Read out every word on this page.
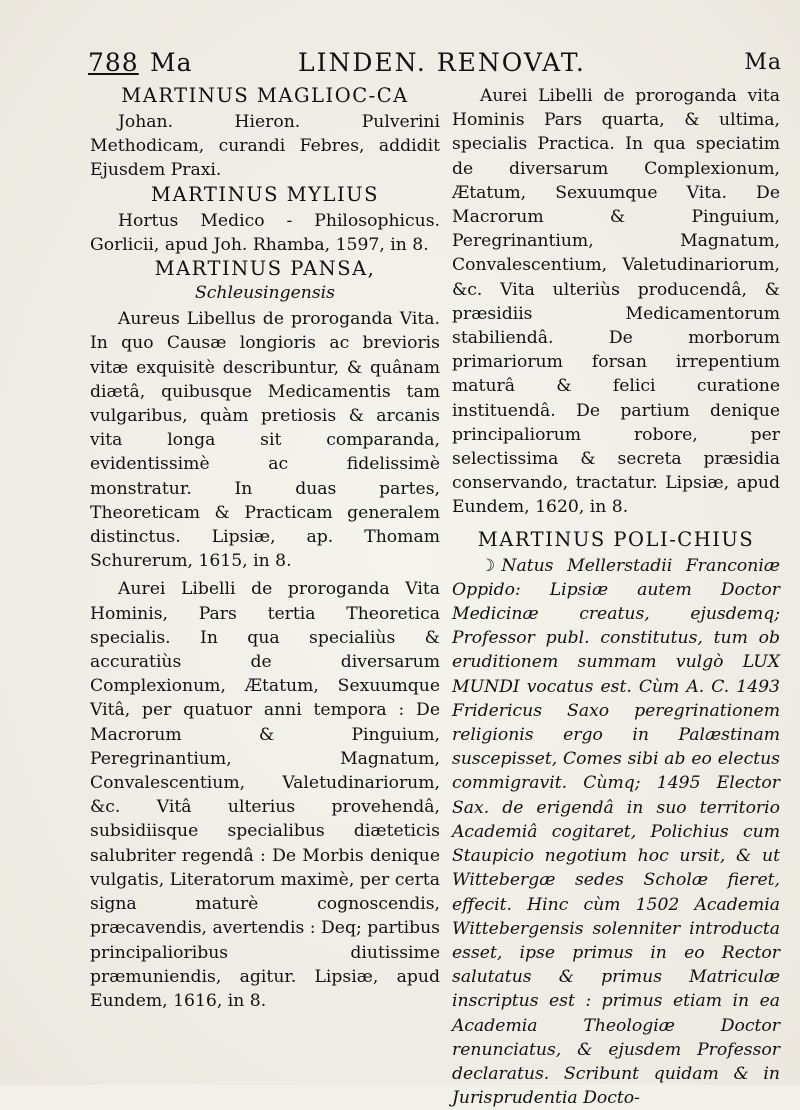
788 Ma	LINDEN. RENOVAT.	Ma
MARTINUS MAGLIOC-CA

Johan. Hieron. Pulverini Methodicam, curandi Febres, addidit Ejusdem Praxi.

MARTINUS MYLIUS

Hortus Medico - Philosophicus. Gorlicii, apud Joh. Rhamba, 1597, in 8.

MARTINUS PANSA,
Schleusingensis

Aureus Libellus de proroganda Vita. In quo Causæ longioris ac brevioris vitæ exquisitè describuntur, & quânam diætâ, quibusque Medicamentis tam vulgaribus, quàm pretiosis & arcanis vita longa sit comparanda, evidentissimè ac fidelissimè monstratur. In duas partes, Theoreticam & Practicam generalem distinctus. Lipsiæ, ap. Thomam Schurerum, 1615, in 8.

Aurei Libelli de proroganda Vita Hominis, Pars tertia Theoretica specialis. In qua specialiùs & accuratiùs de diversarum Complexionum, Ætatum, Sexuumque Vitâ, per quatuor anni tempora : De Macrorum & Pinguium, Peregrinantium, Magnatum, Convalescentium, Valetudinariorum, &c. Vitâ ulterius provehendâ, subsidiisque specialibus diæteticis salubriter regendâ : De Morbis denique vulgatis, Literatorum maximè, per certa signa maturè cognoscendis, præcavendis, avertendis : Deq; partibus principalioribus diutissime præmuniendis, agitur. Lipsiæ, apud Eundem, 1616, in 8.

Aurei Libelli de proroganda vita Hominis Pars quarta, & ultima, specialis Practica. In qua speciatim de diversarum Complexionum, Ætatum, Sexuumque Vita. De Macrorum & Pinguium, Peregrinantium, Magnatum, Convalescentium, Valetudinariorum, &c. Vita ulteriùs producendâ, & præsidiis Medicamentorum stabiliendâ. De morborum primariorum forsan irrepentium maturâ & felici curatione instituendâ. De partium denique principaliorum robore, per selectissima & secreta præsidia conservando, tractatur. Lipsiæ, apud Eundem, 1620, in 8.

MARTINUS POLI-CHIUS

☽ Natus Mellerstadii Franconiæ Oppido: Lipsiæ autem Doctor Medicinæ creatus, ejusdemq; Professor publ. constitutus, tum ob eruditionem summam vulgò LUX MUNDI vocatus est. Cùm A. C. 1493 Fridericus Saxo peregrinationem religionis ergo in Palæstinam suscepisset, Comes sibi ab eo electus commigravit. Cùmq; 1495 Elector Sax. de erigendâ in suo territorio Academiâ cogitaret, Polichius cum Staupicio negotium hoc ursit, & ut Wittebergæ sedes Scholæ fieret, effecit. Hinc cùm 1502 Academia Wittebergensis solenniter introducta esset, ipse primus in eo Rector salutatus & primus Matriculæ inscriptus est : primus etiam in ea Academia Theologiæ Doctor renunciatus, & ejusdem Professor declaratus. Scribunt quidam & in Jurisprudentia Docto-
